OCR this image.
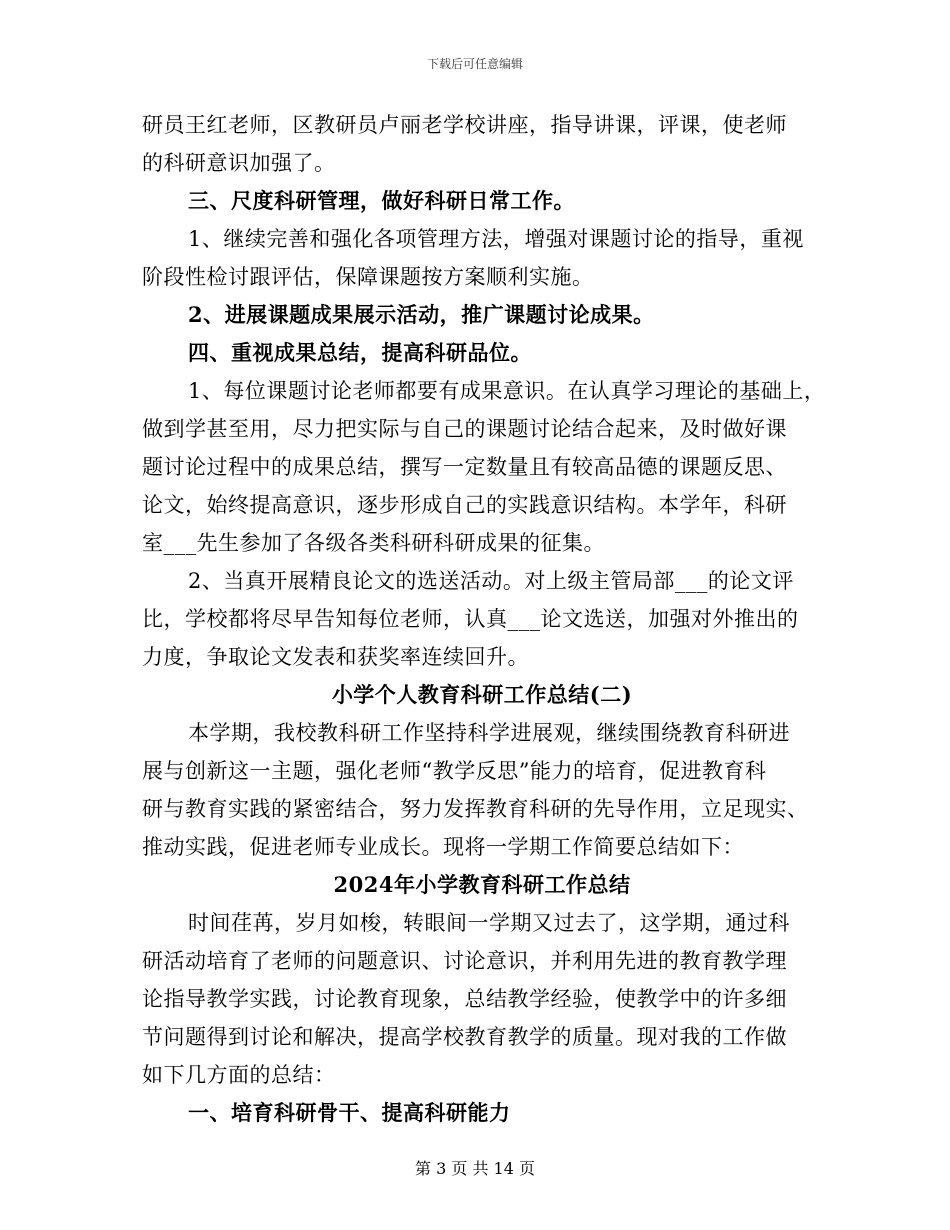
下载后可任意编辑
研员王红老师，区教研员卢丽老学校讲座，指导讲课，评课，使老师
的科研意识加强了。
三、尺度科研管理，做好科研日常工作。
1、继续完善和强化各项管理方法，增强对课题讨论的指导，重视
阶段性检讨跟评估，保障课题按方案顺利实施。
2、进展课题成果展示活动，推广课题讨论成果。
四、重视成果总结，提高科研品位。
1、每位课题讨论老师都要有成果意识。在认真学习理论的基础上，
做到学甚至用，尽力把实际与自己的课题讨论结合起来，及时做好课
题讨论过程中的成果总结，撰写一定数量且有较高品德的课题反思、
论文，始终提高意识，逐步形成自己的实践意识结构。本学年，科研
室___先生参加了各级各类科研科研成果的征集。
2、当真开展精良论文的选送活动。对上级主管局部___的论文评
比，学校都将尽早告知每位老师，认真___论文选送，加强对外推出的
力度，争取论文发表和获奖率连续回升。
小学个人教育科研工作总结(二)
本学期，我校教科研工作坚持科学进展观，继续围绕教育科研进
展与创新这一主题，强化老师“教学反思”能力的培育，促进教育科
研与教育实践的紧密结合，努力发挥教育科研的先导作用，立足现实、
推动实践，促进老师专业成长。现将一学期工作简要总结如下：
2024年小学教育科研工作总结
时间荏苒，岁月如梭，转眼间一学期又过去了，这学期，通过科
研活动培育了老师的问题意识、讨论意识，并利用先进的教育教学理
论指导教学实践，讨论教育现象，总结教学经验，使教学中的许多细
节问题得到讨论和解决，提高学校教育教学的质量。现对我的工作做
如下几方面的总结：
一、培育科研骨干、提高科研能力
第 3 页 共 14 页
